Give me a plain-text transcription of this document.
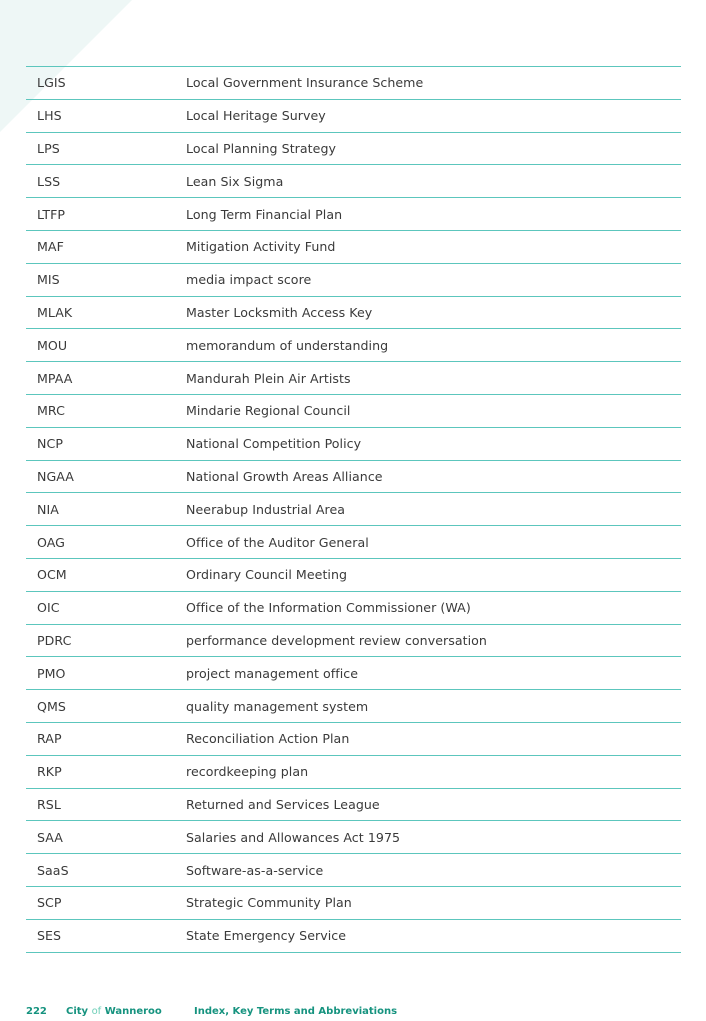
LGIS	Local Government Insurance Scheme
LHS	Local Heritage Survey
LPS	Local Planning Strategy
LSS	Lean Six Sigma
LTFP	Long Term Financial Plan
MAF	Mitigation Activity Fund
MIS	media impact score
MLAK	Master Locksmith Access Key
MOU	memorandum of understanding
MPAA	Mandurah Plein Air Artists
MRC	Mindarie Regional Council
NCP	National Competition Policy
NGAA	National Growth Areas Alliance
NIA	Neerabup Industrial Area
OAG	Office of the Auditor General
OCM	Ordinary Council Meeting
OIC	Office of the Information Commissioner (WA)
PDRC	performance development review conversation
PMO	project management office
QMS	quality management system
RAP	Reconciliation Action Plan
RKP	recordkeeping plan
RSL	Returned and Services League
SAA	Salaries and Allowances Act 1975
SaaS	Software-as-a-service
SCP	Strategic Community Plan
SES	State Emergency Service
222	City of Wanneroo	Index, Key Terms and Abbreviations
